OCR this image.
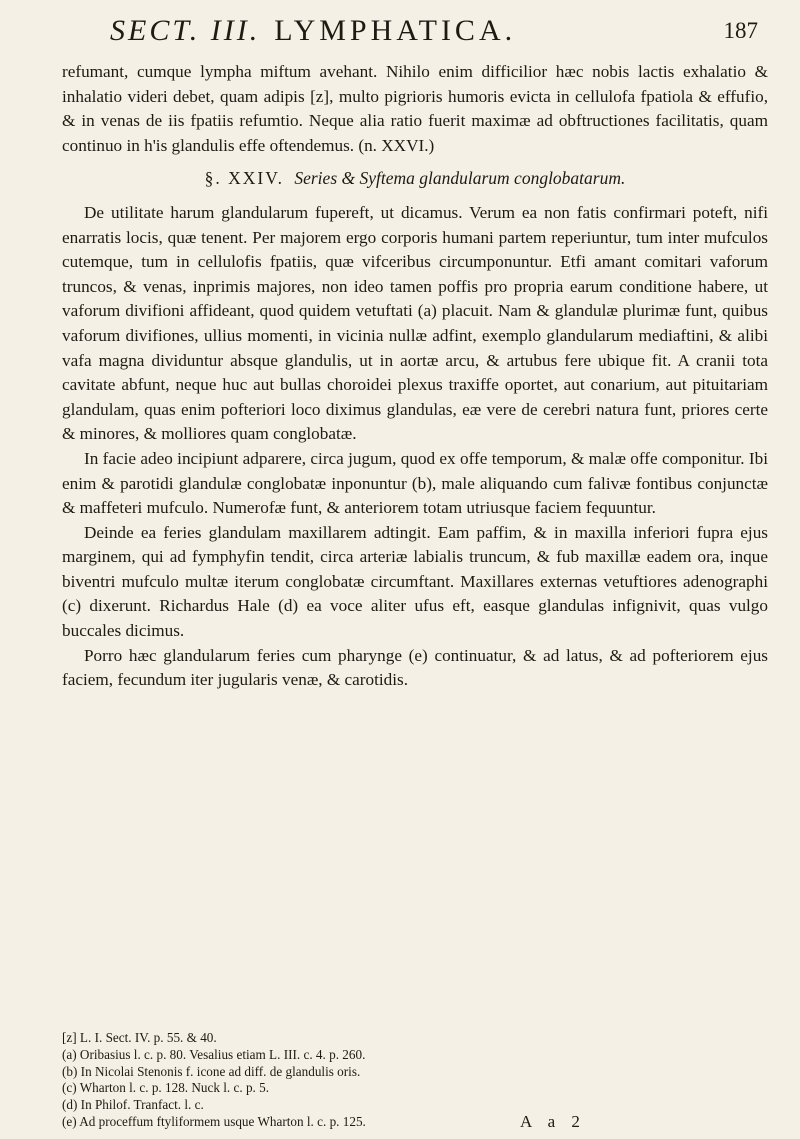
SECT. III. LYMPHATICA.	187

refumant, cumque lympha miftum avehant. Nihilo enim difficilior hæc nobis lactis exhalatio & inhalatio videri debet, quam adipis [z], multo pigrioris humoris evicta in cellulofa fpatiola & effufio, & in venas de iis fpatiis refumtio. Neque alia ratio fuerit maximæ ad obftructiones facilitatis, quam continuo in h'is glandulis effe oftendemus. (n. XXVI.)

§. XXIV. Series & Syftema glandularum conglobatarum.

De utilitate harum glandularum fupereft, ut dicamus. Verum ea non fatis confirmari poteft, nifi enarratis locis, quæ tenent. Per majorem ergo corporis humani partem reperiuntur, tum inter mufculos cutemque, tum in cellulofis fpatiis, quæ vifceribus circumponuntur. Etfi amant comitari vaforum truncos, & venas, inprimis majores, non ideo tamen poffis pro propria earum conditione habere, ut vaforum divifioni affideant, quod quidem vetuftati (a) placuit. Nam & glandulæ plurimæ funt, quibus vaforum divifiones, ullius momenti, in vicinia nullæ adfint, exemplo glandularum mediaftini, & alibi vafa magna dividuntur absque glandulis, ut in aortæ arcu, & artubus fere ubique fit. A cranii tota cavitate abfunt, neque huc aut bullas choroidei plexus traxiffe oportet, aut conarium, aut pituitariam glandulam, quas enim pofteriori loco diximus glandulas, eæ vere de cerebri natura funt, priores certe & minores, & molliores quam conglobatæ.

In facie adeo incipiunt adparere, circa jugum, quod ex offe temporum, & malæ offe componitur. Ibi enim & parotidi glandulæ conglobatæ inponuntur (b), male aliquando cum falivæ fontibus conjunctæ & maffeteri mufculo. Numerofæ funt, & anteriorem totam utriusque faciem fequuntur.

Deinde ea feries glandulam maxillarem adtingit. Eam paffim, & in maxilla inferiori fupra ejus marginem, qui ad fymphyfin tendit, circa arteriæ labialis truncum, & fub maxillæ eadem ora, inque biventri mufculo multæ iterum conglobatæ circumftant. Maxillares externas vetuftiores adenographi (c) dixerunt. Richardus Hale (d) ea voce aliter ufus eft, easque glandulas infignivit, quas vulgo buccales dicimus.

Porro hæc glandularum feries cum pharynge (e) continuatur, & ad latus, & ad pofteriorem ejus faciem, fecundum iter jugularis venæ, & carotidis.

[z] L. I. Sect. IV. p. 55. & 40.
(a) Oribasius l. c. p. 80. Vesalius etiam L. III. c. 4. p. 260.
(b) In Nicolai Stenonis f. icone ad diff. de glandulis oris.
(c) Wharton l. c. p. 128. Nuck l. c. p. 5.
(d) In Philof. Tranfact. l. c.
(e) Ad proceffum ftyliformem usque Wharton l. c. p. 125.	A a 2
